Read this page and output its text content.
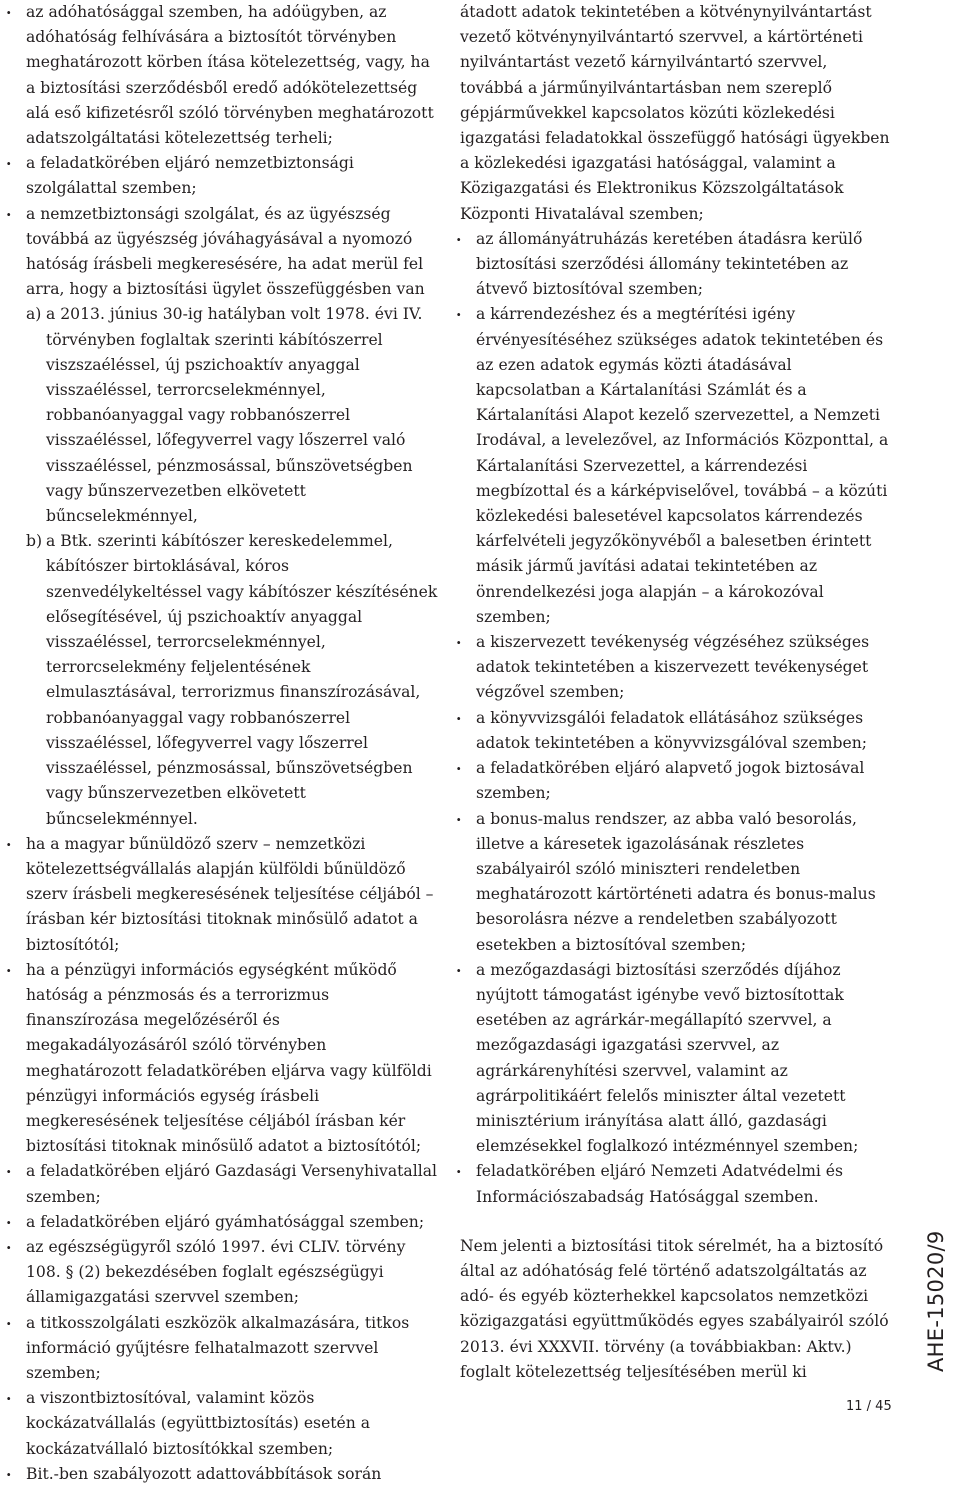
· az adóhatósággal szemben, ha adóügyben, az adóhatóság felhívására a biztosítót törvényben meghatározott körben ítása kötelezettség, vagy, ha a biztosítási szerződésből eredő adókötelezettség alá eső kifizetésről szóló törvényben meghatározott adatszolgáltatási kötelezettség terheli;

· a feladatkörében eljáró nemzetbiztonsági szolgálattal szemben;

· a nemzetbiztonsági szolgálat, és az ügyészség továbbá az ügyészség jóváhagyásával a nyomozó hatóság írásbeli megkeresésére, ha adat merül fel arra, hogy a biztosítási ügylet összefüggésben van

a) a 2013. június 30-ig hatályban volt 1978. évi IV. törvényben foglaltak szerinti kábítószerrel viszszaéléssel, új pszichoaktív anyaggal visszaéléssel, terrorcselekménnyel, robbanóanyaggal vagy robbanószerrel visszaéléssel, lőfegyverrel vagy lőszerrel való visszaéléssel, pénzmosással, bűnszövetségben vagy bűnszervezetben elkövetett bűncselekménnyel,

b) a Btk. szerinti kábítószer kereskedelemmel, kábítószer birtoklásával, kóros szenvedélykeltéssel vagy kábítószer készítésének elősegítésével, új pszichoaktív anyaggal visszaéléssel, terrorcselekménnyel, terrorcselekmény feljelentésének elmulasztásával, terrorizmus finanszírozásával, robbanóanyaggal vagy robbanószerrel visszaéléssel, lőfegyverrel vagy lőszerrel visszaéléssel, pénzmosással, bűnszövetségben vagy bűnszervezetben elkövetett bűncselekménnyel.

· ha a magyar bűnüldöző szerv – nemzetközi kötelezettségvállalás alapján külföldi bűnüldöző szerv írásbeli megkeresésének teljesítése céljából – írásban kér biztosítási titoknak minősülő adatot a biztosítótól;

· ha a pénzügyi információs egységként működő hatóság a pénzmosás és a terrorizmus finanszírozása megelőzéséről és megakadályozásáról szóló törvényben meghatározott feladatkörében eljárva vagy külföldi pénzügyi információs egység írásbeli megkeresésének teljesítése céljából írásban kér biztosítási titoknak minősülő adatot a biztosítótól;

· a feladatkörében eljáró Gazdasági Versenyhivatallal szemben;

· a feladatkörében eljáró gyámhatósággal szemben;

· az egészségügyről szóló 1997. évi CLIV. törvény 108. § (2) bekezdésében foglalt egészségügyi államigazgatási szervvel szemben;

· a titkosszolgálati eszközök alkalmazására, titkos információ gyűjtésre felhatalmazott szervvel szemben;

· a viszontbiztosítóval, valamint közös kockázatvállalás (együttbiztosítás) esetén a kockázatvállaló biztosítókkal szemben;

· Bit.-ben szabályozott adattovábbítások során

átadott adatok tekintetében a kötvénynyilvántartást vezető kötvénynyilvántartó szervvel, a kártörténeti nyilvántartást vezető kárnyilvántartó szervvel, továbbá a járműnyilvántartásban nem szereplő gépjárművekkel kapcsolatos közúti közlekedési igazgatási feladatokkal összefüggő hatósági ügyekben a közlekedési igazgatási hatósággal, valamint a Közigazgatási és Elektronikus Közszolgáltatások Központi Hivatalával szemben;

· az állományátruházás keretében átadásra kerülő biztosítási szerződési állomány tekintetében az átvevő biztosítóval szemben;

· a kárrendezéshez és a megtérítési igény érvényesítéséhez szükséges adatok tekintetében és az ezen adatok egymás közti átadásával kapcsolatban a Kártalanítási Számlát és a Kártalanítási Alapot kezelő szervezettel, a Nemzeti Irodával, a levelezővel, az Információs Központtal, a Kártalanítási Szervezettel, a kárrendezési megbízottal és a kárképviselővel, továbbá – a közúti közlekedési balesetével kapcsolatos kárrendezés kárfelvételi jegyzőkönyvéből a balesetben érintett másik jármű javítási adatai tekintetében az önrendelkezési joga alapján – a károkozóval szemben;

· a kiszervezett tevékenység végzéséhez szükséges adatok tekintetében a kiszervezett tevékenységet végzővel szemben;

· a könyvvizsgálói feladatok ellátásához szükséges adatok tekintetében a könyvvizsgálóval szemben;

· a feladatkörében eljáró alapvető jogok biztosával szemben;

· a bonus-malus rendszer, az abba való besorolás, illetve a káresetek igazolásának részletes szabályairól szóló miniszteri rendeletben meghatározott kártörténeti adatra és bonus-malus besorolásra nézve a rendeletben szabályozott esetekben a biztosítóval szemben;

· a mezőgazdasági biztosítási szerződés díjához nyújtott támogatást igénybe vevő biztosítottak esetében az agrárkár-megállapító szervvel, a mezőgazdasági igazgatási szervvel, az agrárkárenyhítési szervvel, valamint az agrárpolitikáért felelős miniszter által vezetett minisztérium irányítása alatt álló, gazdasági elemzésekkel foglalkozó intézménnyel szemben;

· feladatkörében eljáró Nemzeti Adatvédelmi és Információszabadság Hatósággal szemben.

Nem jelenti a biztosítási titok sérelmét, ha a biztosító által az adóhatóság felé történő adatszolgáltatás az adó- és egyéb közterhekkel kapcsolatos nemzetközi közigazgatási együttműködés egyes szabályairól szóló 2013. évi XXXVII. törvény (a továbbiakban: Aktv.) foglalt kötelezettség teljesítésében merül ki	AHE-15020/9
11 / 45
